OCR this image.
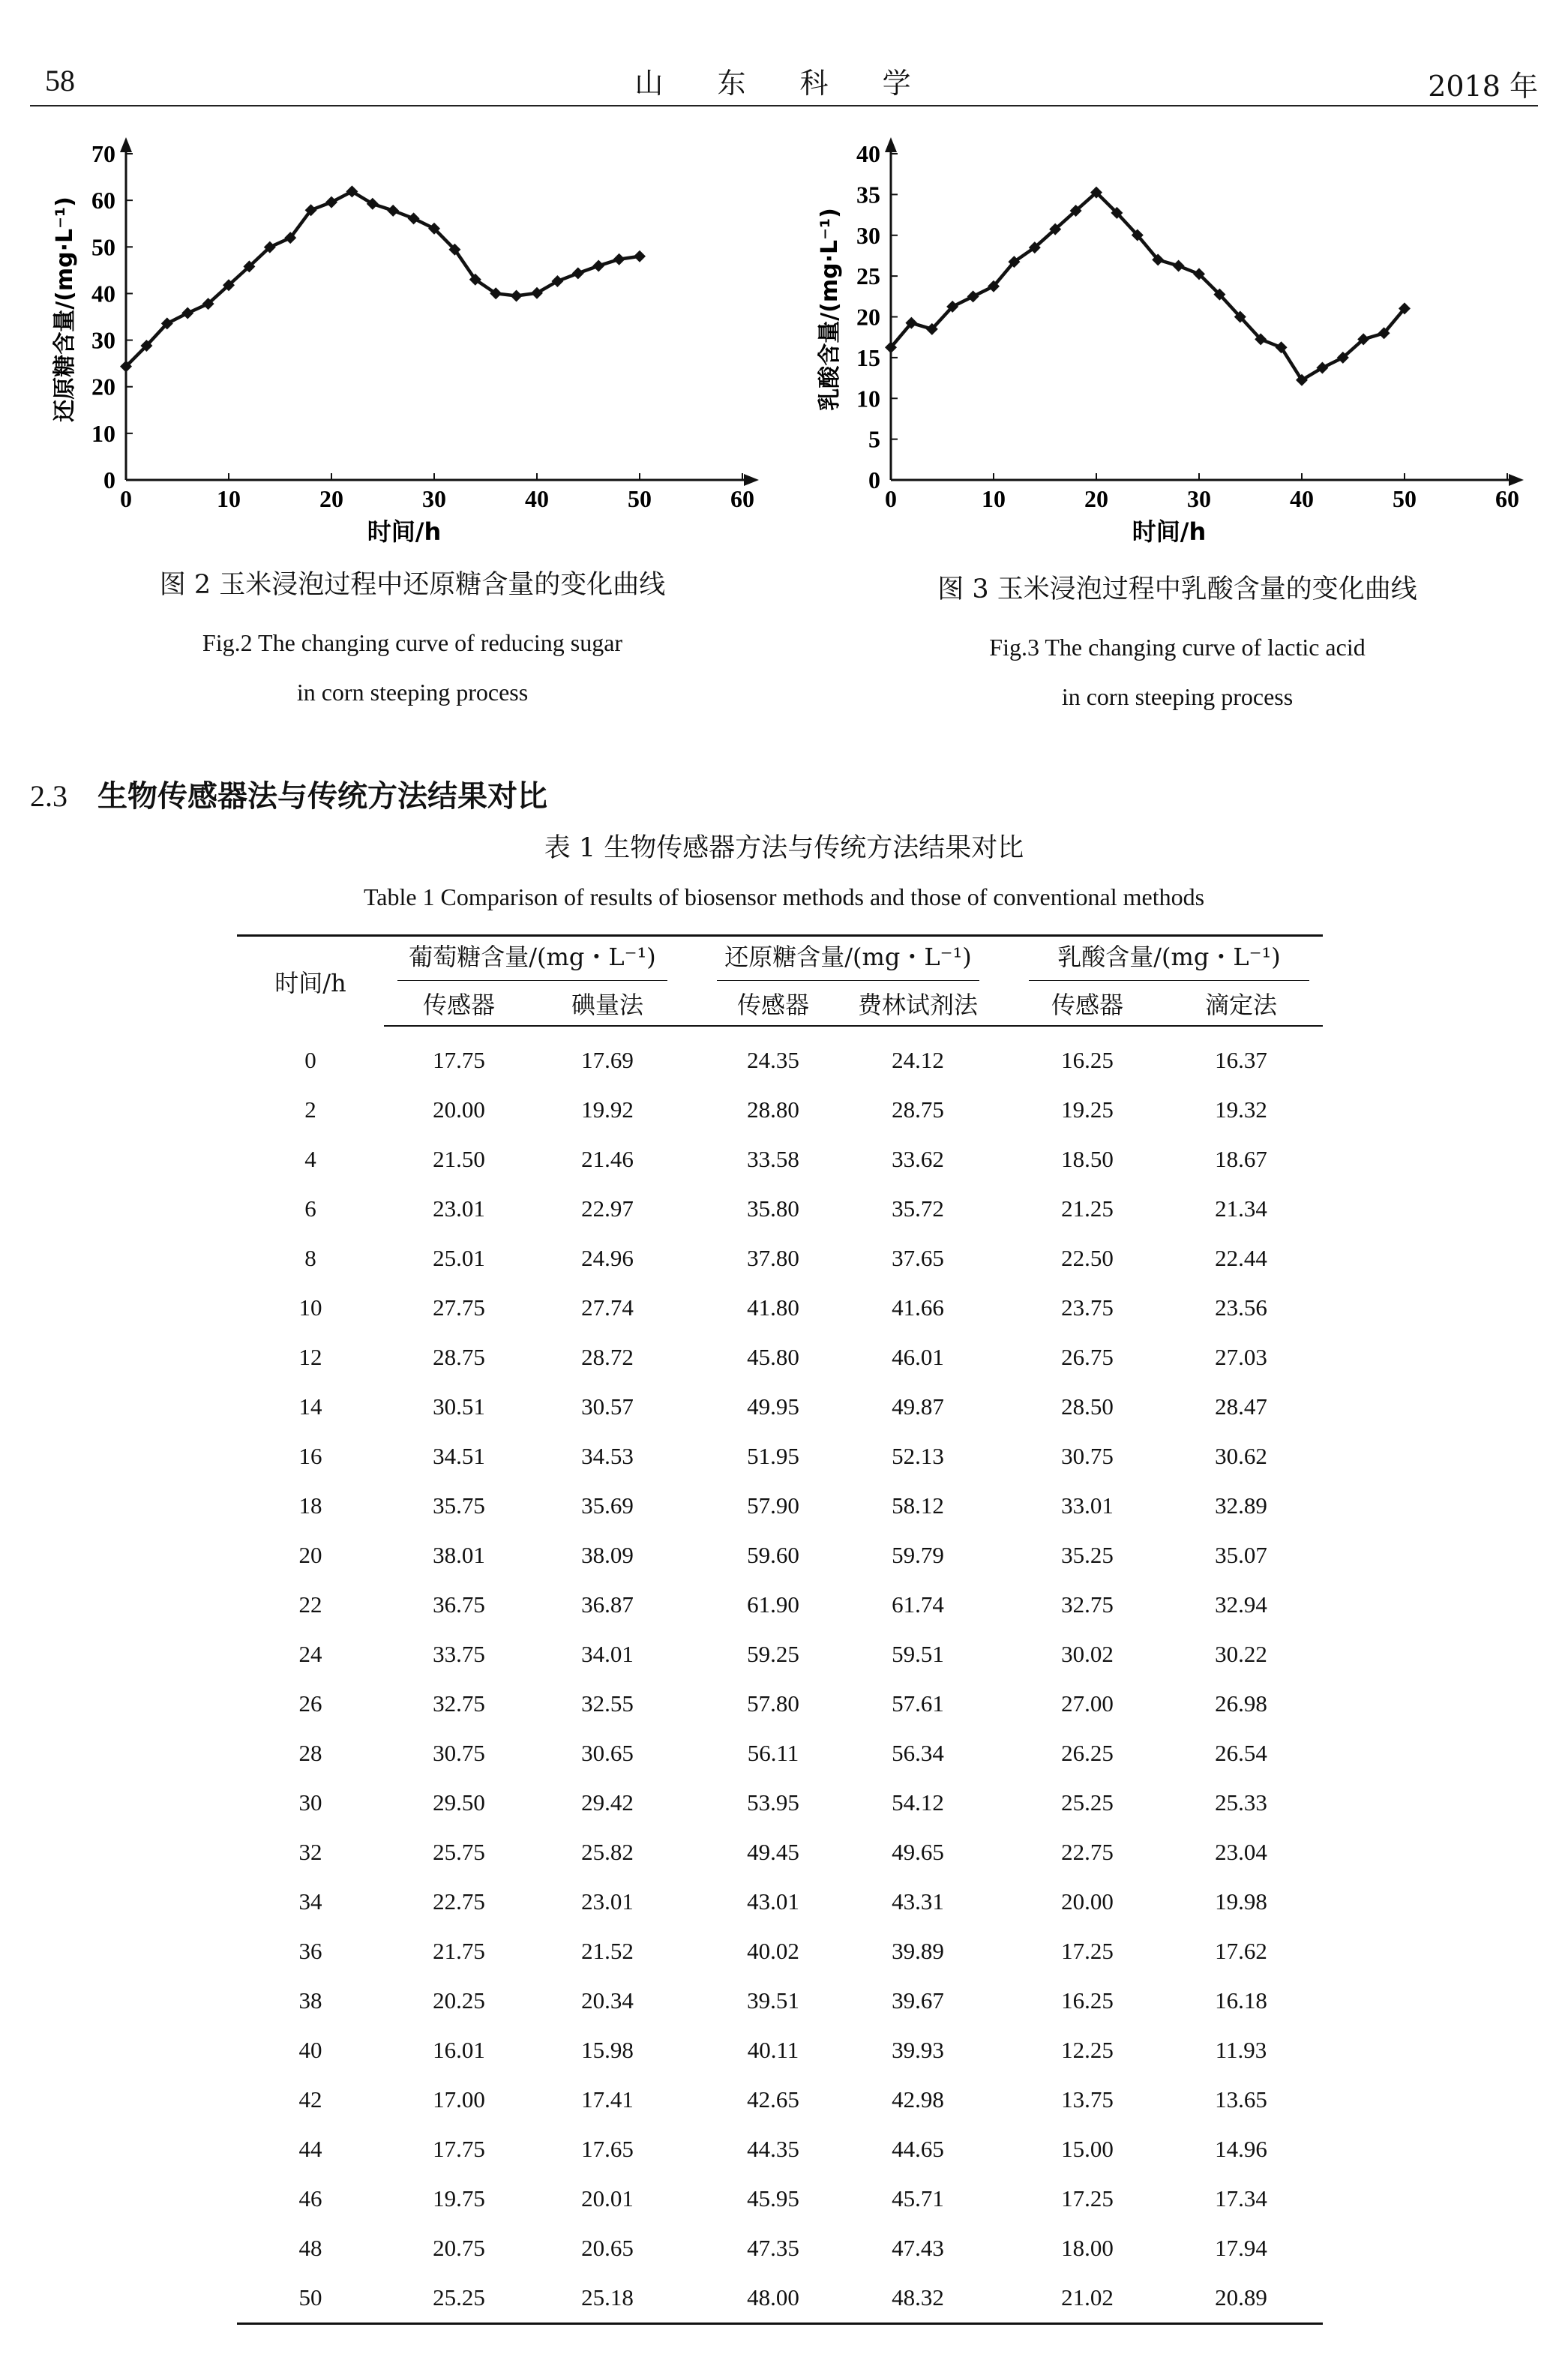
58	山 东 科 学	2018 年
0	10	20	30	40	50	60
0
10
20
30
40
50
60
70
时间/h
还原糖含量/(mg·L⁻¹)
图 2 玉米浸泡过程中还原糖含量的变化曲线
Fig.2 The changing curve of reducing sugar
in corn steeping process
0	10	20	30	40	50	60
0
5
10
15
20
25
30
35
40
时间/h
乳酸含量/(mg·L⁻¹)
图 3 玉米浸泡过程中乳酸含量的变化曲线
Fig.3 The changing curve of lactic acid
in corn steeping process
2.3 生物传感器法与传统方法结果对比
表 1 生物传感器方法与传统方法结果对比
Table 1 Comparison of results of biosensor methods and those of conventional methods
时间/h	葡萄糖含量/(mg・L⁻¹)			还原糖含量/(mg・L⁻¹)			乳酸含量/(mg・L⁻¹)	

	传感器	碘量法		传感器	费林试剂法		传感器	滴定法
0	17.75	17.69		24.35	24.12		16.25	16.37
2	20.00	19.92		28.80	28.75		19.25	19.32
4	21.50	21.46		33.58	33.62		18.50	18.67
6	23.01	22.97		35.80	35.72		21.25	21.34
8	25.01	24.96		37.80	37.65		22.50	22.44
10	27.75	27.74		41.80	41.66		23.75	23.56
12	28.75	28.72		45.80	46.01		26.75	27.03
14	30.51	30.57		49.95	49.87		28.50	28.47
16	34.51	34.53		51.95	52.13		30.75	30.62
18	35.75	35.69		57.90	58.12		33.01	32.89
20	38.01	38.09		59.60	59.79		35.25	35.07
22	36.75	36.87		61.90	61.74		32.75	32.94
24	33.75	34.01		59.25	59.51		30.02	30.22
26	32.75	32.55		57.80	57.61		27.00	26.98
28	30.75	30.65		56.11	56.34		26.25	26.54
30	29.50	29.42		53.95	54.12		25.25	25.33
32	25.75	25.82		49.45	49.65		22.75	23.04
34	22.75	23.01		43.01	43.31		20.00	19.98
36	21.75	21.52		40.02	39.89		17.25	17.62
38	20.25	20.34		39.51	39.67		16.25	16.18
40	16.01	15.98		40.11	39.93		12.25	11.93
42	17.00	17.41		42.65	42.98		13.75	13.65
44	17.75	17.65		44.35	44.65		15.00	14.96
46	19.75	20.01		45.95	45.71		17.25	17.34
48	20.75	20.65		47.35	47.43		18.00	17.94
50	25.25	25.18		48.00	48.32		21.02	20.89
